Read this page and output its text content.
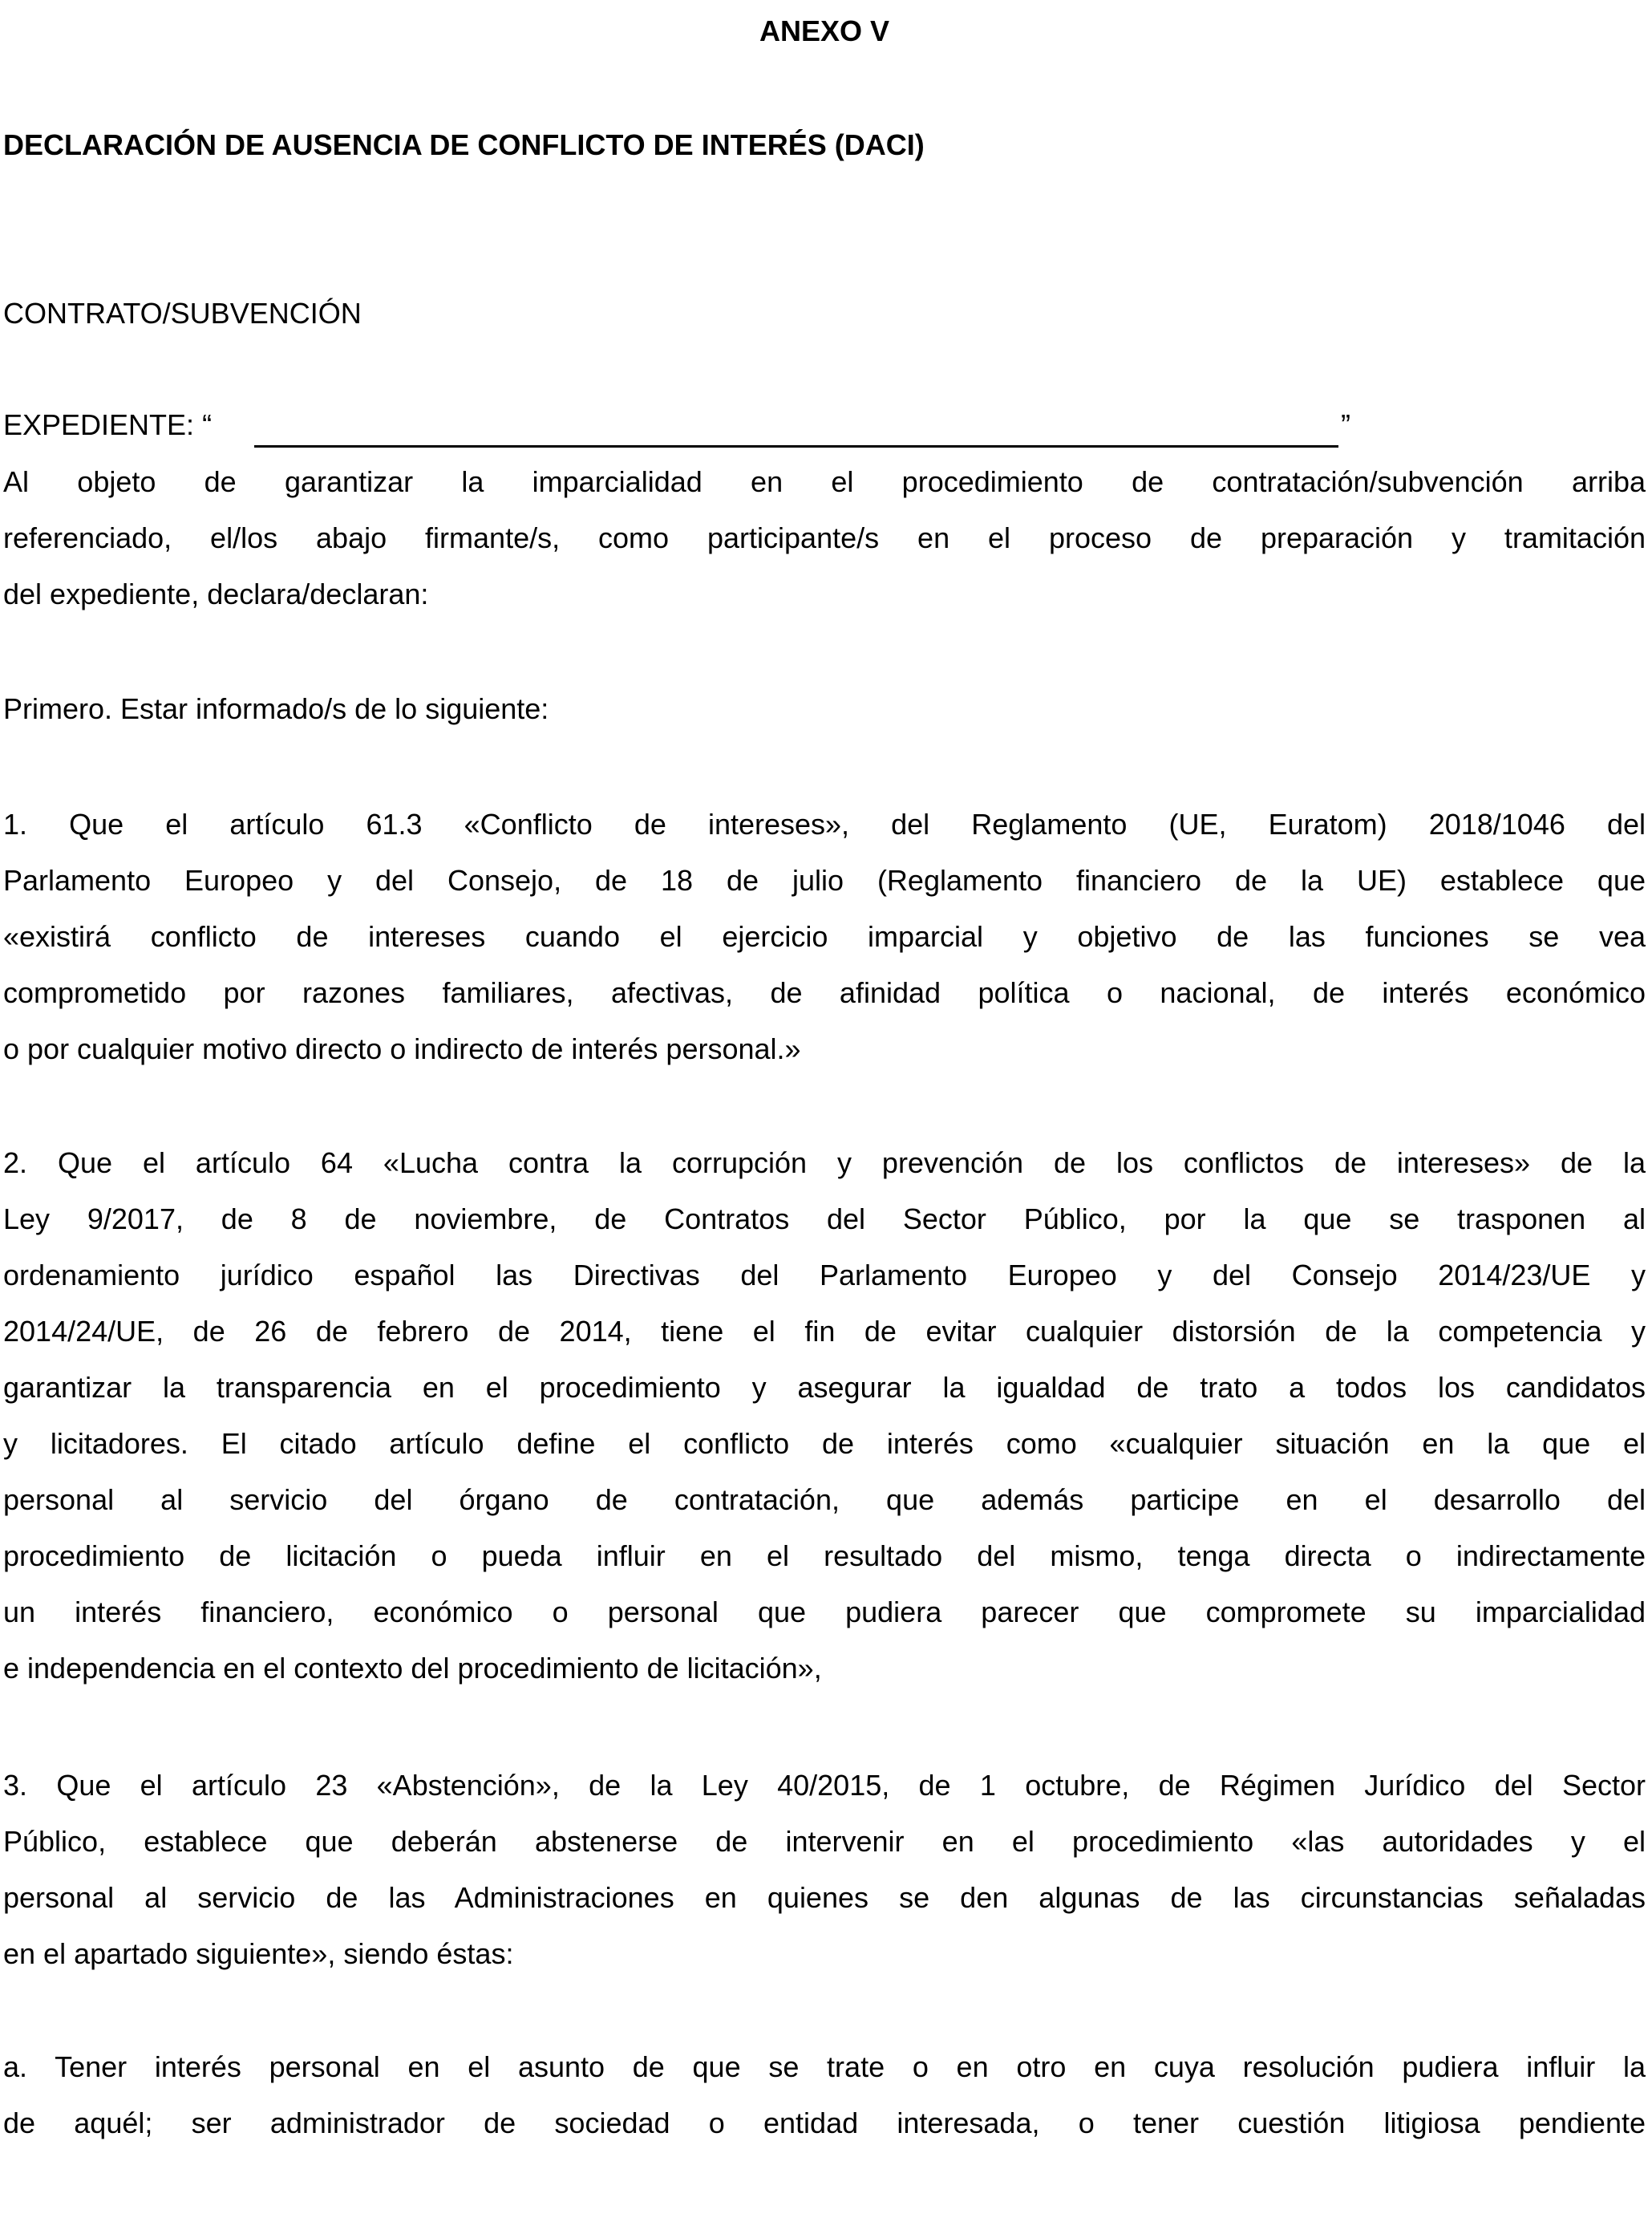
ANEXO V
DECLARACIÓN DE AUSENCIA DE CONFLICTO DE INTERÉS (DACI)
CONTRATO/SUBVENCIÓN
EXPEDIENTE: “	”
Al objeto de garantizar la imparcialidad en el procedimiento de contratación/subvención arriba
referenciado, el/los abajo firmante/s, como participante/s en el proceso de preparación y tramitación
del expediente, declara/declaran:
Primero. Estar informado/s de lo siguiente:
1. Que el artículo 61.3 «Conflicto de intereses», del Reglamento (UE, Euratom) 2018/1046 del
Parlamento Europeo y del Consejo, de 18 de julio (Reglamento financiero de la UE) establece que
«existirá conflicto de intereses cuando el ejercicio imparcial y objetivo de las funciones se vea
comprometido por razones familiares, afectivas, de afinidad política o nacional, de interés económico
o por cualquier motivo directo o indirecto de interés personal.»
2. Que el artículo 64 «Lucha contra la corrupción y prevención de los conflictos de intereses» de la
Ley 9/2017, de 8 de noviembre, de Contratos del Sector Público, por la que se trasponen al
ordenamiento jurídico español las Directivas del Parlamento Europeo y del Consejo 2014/23/UE y
2014/24/UE, de 26 de febrero de 2014, tiene el fin de evitar cualquier distorsión de la competencia y
garantizar la transparencia en el procedimiento y asegurar la igualdad de trato a todos los candidatos
y licitadores. El citado artículo define el conflicto de interés como «cualquier situación en la que el
personal al servicio del órgano de contratación, que además participe en el desarrollo del
procedimiento de licitación o pueda influir en el resultado del mismo, tenga directa o indirectamente
un interés financiero, económico o personal que pudiera parecer que compromete su imparcialidad
e independencia en el contexto del procedimiento de licitación»,
3. Que el artículo 23 «Abstención», de la Ley 40/2015, de 1 octubre, de Régimen Jurídico del Sector
Público, establece que deberán abstenerse de intervenir en el procedimiento «las autoridades y el
personal al servicio de las Administraciones en quienes se den algunas de las circunstancias señaladas
en el apartado siguiente», siendo éstas:
a. Tener interés personal en el asunto de que se trate o en otro en cuya resolución pudiera influir la
de aquél; ser administrador de sociedad o entidad interesada, o tener cuestión litigiosa pendiente
